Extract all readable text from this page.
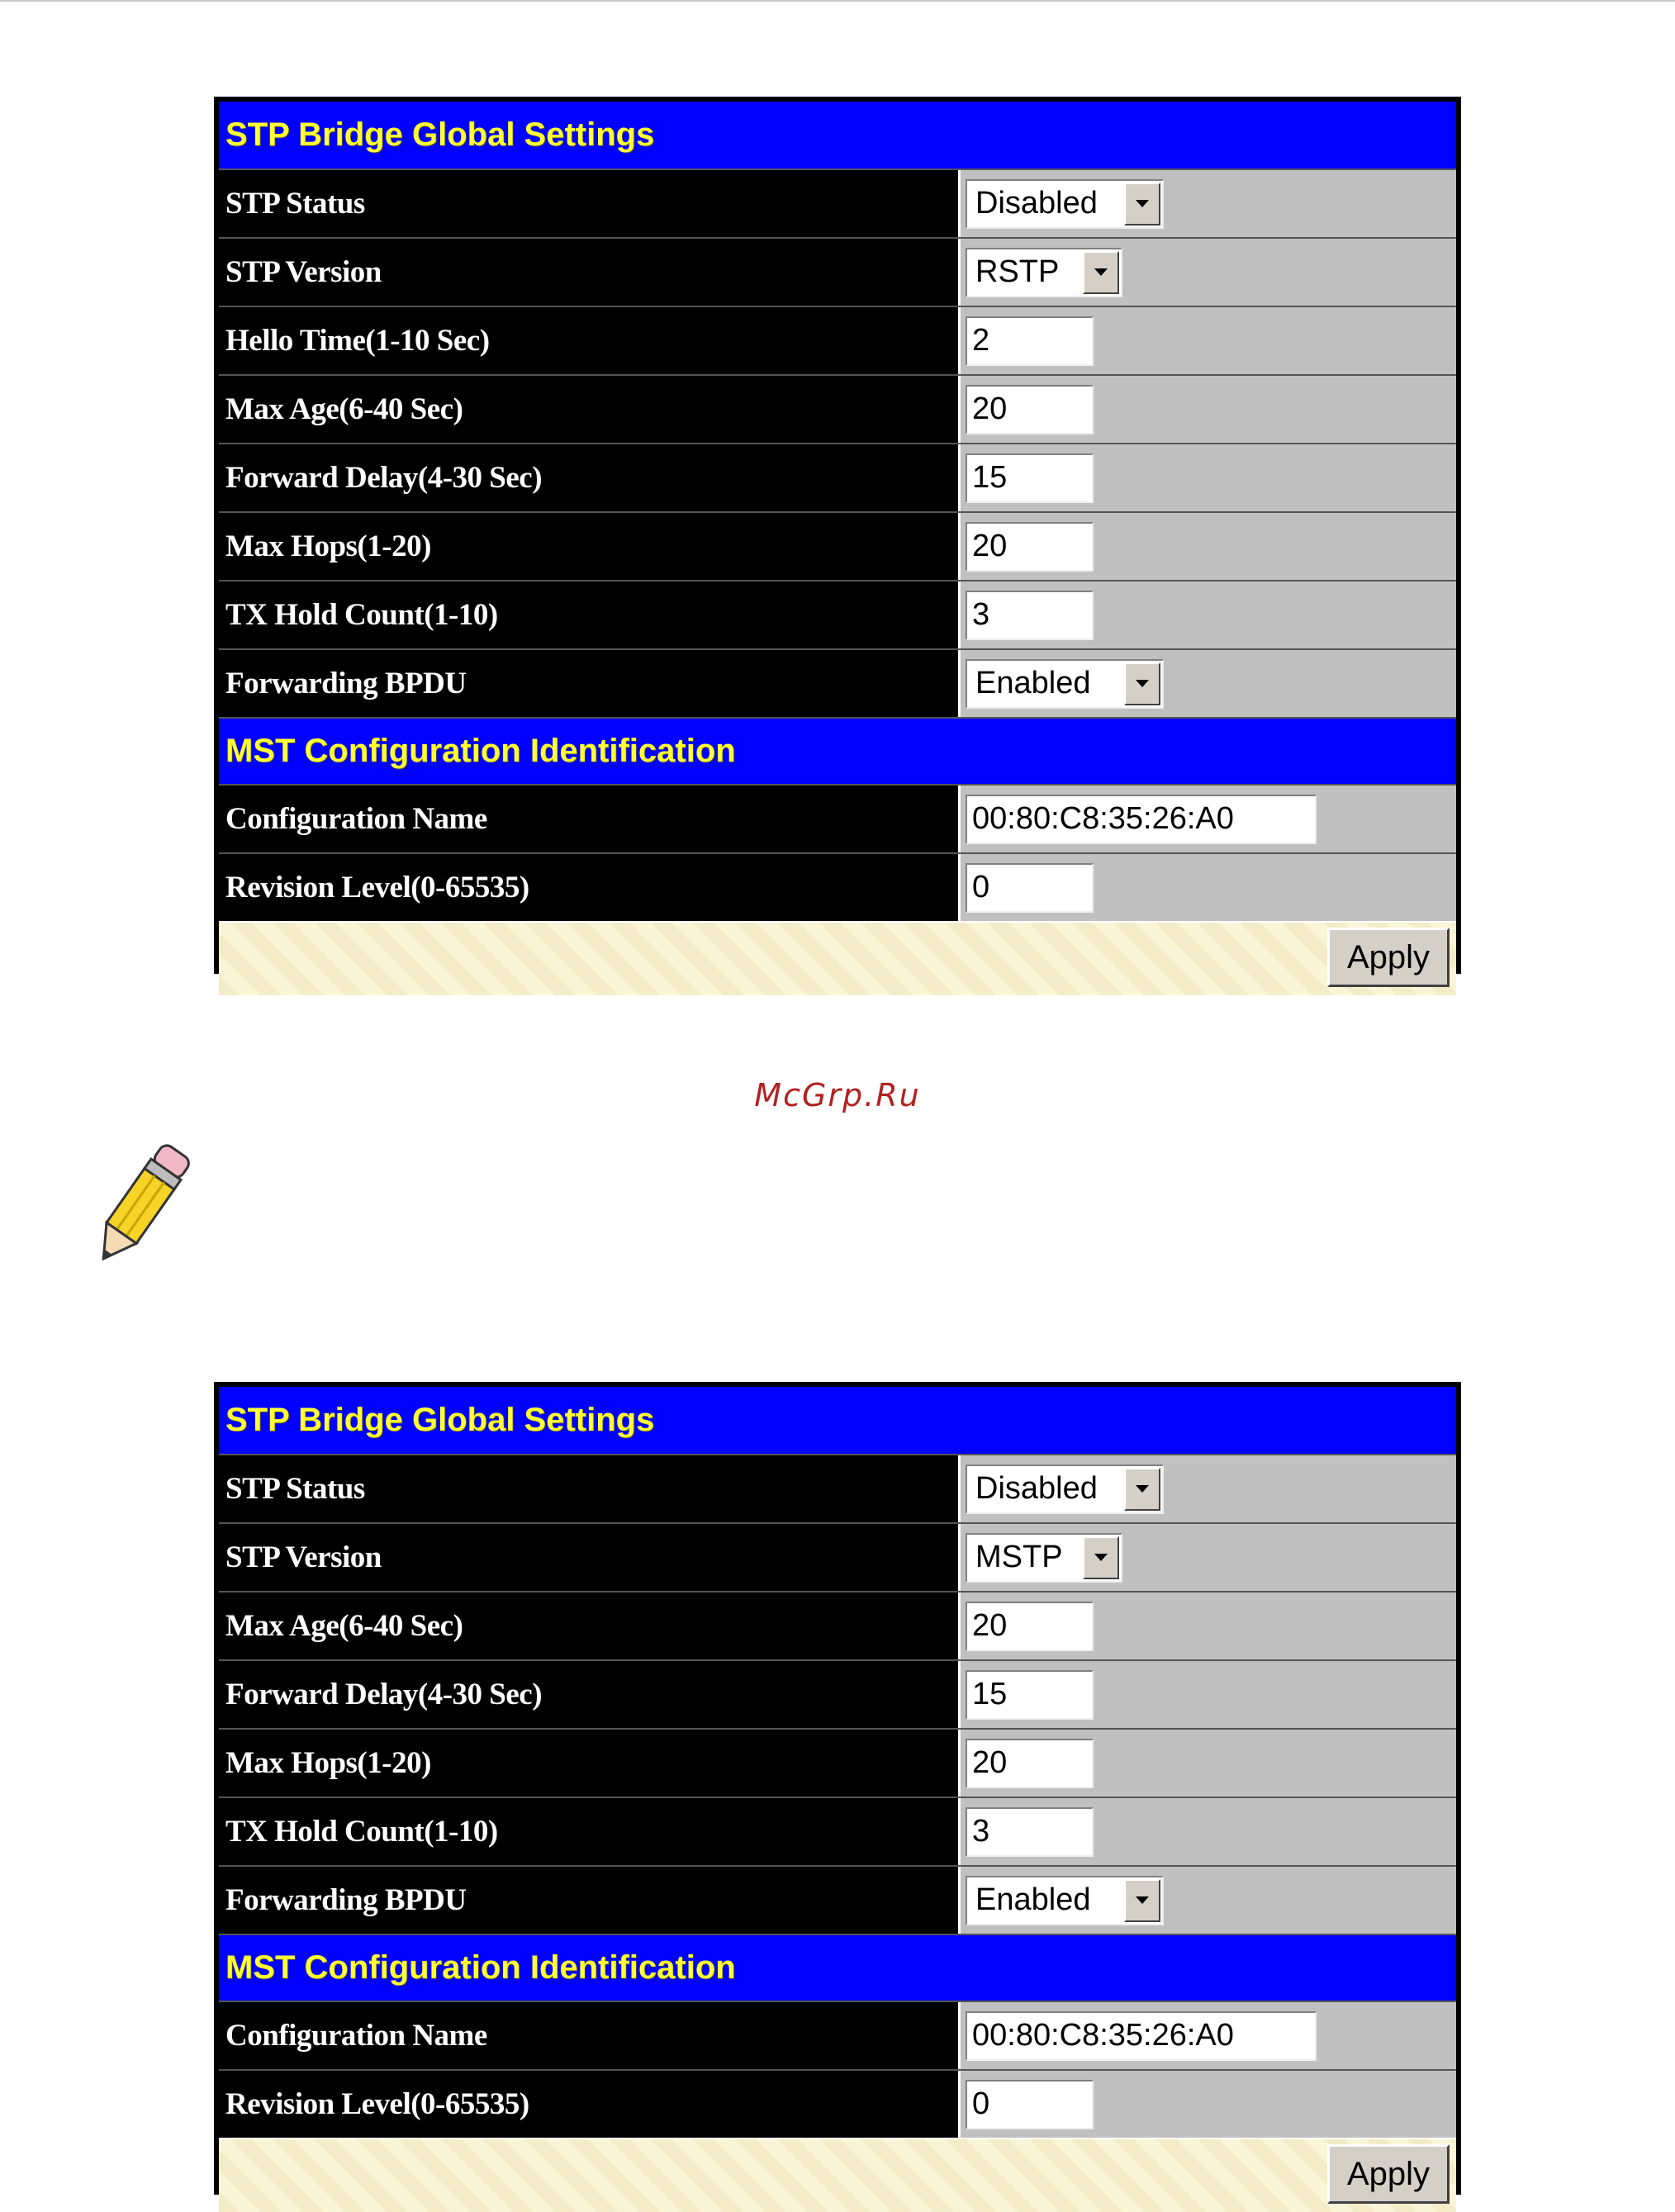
STP Bridge Global Settings
STP Status	Disabled
STP Version	RSTP
Hello Time(1-10 Sec)	2
Max Age(6-40 Sec)	20
Forward Delay(4-30 Sec)	15
Max Hops(1-20)	20
TX Hold Count(1-10)	3
Forwarding BPDU	Enabled
MST Configuration Identification
Configuration Name	00:80:C8:35:26:A0
Revision Level(0-65535)	0
Apply
McGrp.Ru
STP Bridge Global Settings
STP Status	Disabled
STP Version	MSTP
Max Age(6-40 Sec)	20
Forward Delay(4-30 Sec)	15
Max Hops(1-20)	20
TX Hold Count(1-10)	3
Forwarding BPDU	Enabled
MST Configuration Identification
Configuration Name	00:80:C8:35:26:A0
Revision Level(0-65535)	0
Apply
